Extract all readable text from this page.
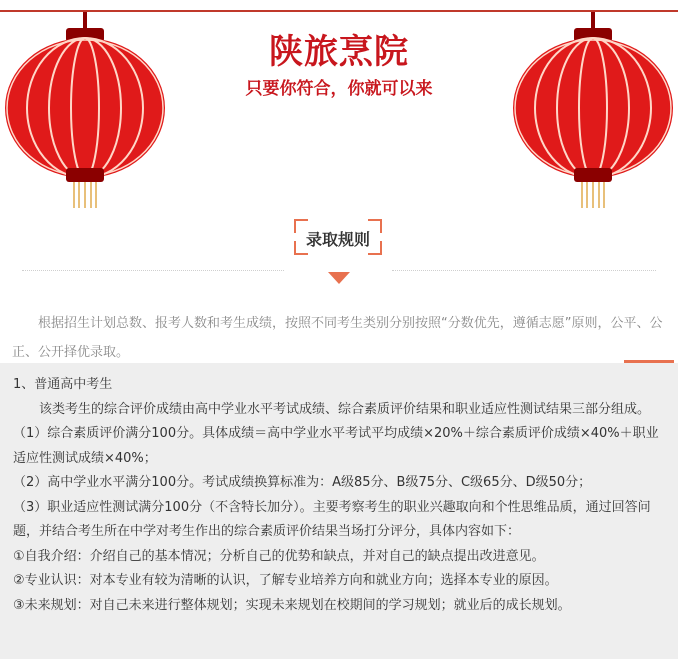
陕旅烹院
只要你符合，你就可以来
录取规则

根据招生计划总数、报考人数和考生成绩，按照不同考生类别分别按照“分数优先，遵循志愿”原则，公平、公正、公开择优录取。

1、普通高中考生

该类考生的综合评价成绩由高中学业水平考试成绩、综合素质评价结果和职业适应性测试结果三部分组成。

（1）综合素质评价满分100分。具体成绩＝高中学业水平考试平均成绩×20%＋综合素质评价成绩×40%＋职业适应性测试成绩×40%；

（2）高中学业水平满分100分。考试成绩换算标准为：A级85分、B级75分、C级65分、D级50分；

（3）职业适应性测试满分100分（不含特长加分）。主要考察考生的职业兴趣取向和个性思维品质，通过回答问题，并结合考生所在中学对考生作出的综合素质评价结果当场打分评分，具体内容如下：

①自我介绍：介绍自己的基本情况；分析自己的优势和缺点，并对自己的缺点提出改进意见。

②专业认识：对本专业有较为清晰的认识，了解专业培养方向和就业方向；选择本专业的原因。

③未来规划：对自己未来进行整体规划；实现未来规划在校期间的学习规划；就业后的成长规划。
